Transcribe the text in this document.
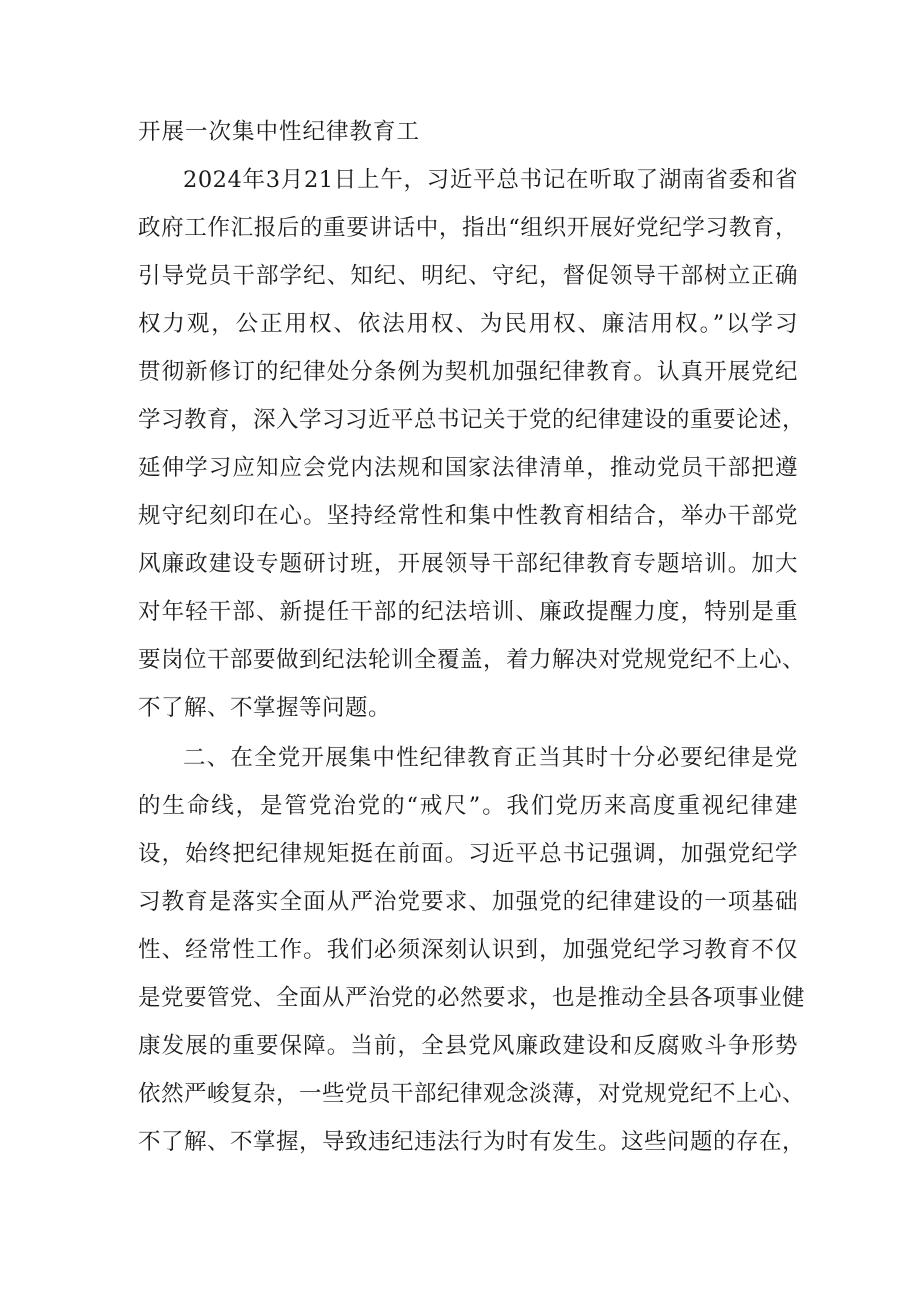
开展一次集中性纪律教育工
2024年3月21日上午，习近平总书记在听取了湖南省委和省
政府工作汇报后的重要讲话中，指出“组织开展好党纪学习教育，
引导党员干部学纪、知纪、明纪、守纪，督促领导干部树立正确
权力观，公正用权、依法用权、为民用权、廉洁用权。”以学习
贯彻新修订的纪律处分条例为契机加强纪律教育。认真开展党纪
学习教育，深入学习习近平总书记关于党的纪律建设的重要论述，
延伸学习应知应会党内法规和国家法律清单，推动党员干部把遵
规守纪刻印在心。坚持经常性和集中性教育相结合，举办干部党
风廉政建设专题研讨班，开展领导干部纪律教育专题培训。加大
对年轻干部、新提任干部的纪法培训、廉政提醒力度，特别是重
要岗位干部要做到纪法轮训全覆盖，着力解决对党规党纪不上心、
不了解、不掌握等问题。
二、在全党开展集中性纪律教育正当其时十分必要纪律是党
的生命线，是管党治党的“戒尺”。我们党历来高度重视纪律建
设，始终把纪律规矩挺在前面。习近平总书记强调，加强党纪学
习教育是落实全面从严治党要求、加强党的纪律建设的一项基础
性、经常性工作。我们必须深刻认识到，加强党纪学习教育不仅
是党要管党、全面从严治党的必然要求，也是推动全县各项事业健
康发展的重要保障。当前，全县党风廉政建设和反腐败斗争形势
依然严峻复杂，一些党员干部纪律观念淡薄，对党规党纪不上心、
不了解、不掌握，导致违纪违法行为时有发生。这些问题的存在，
